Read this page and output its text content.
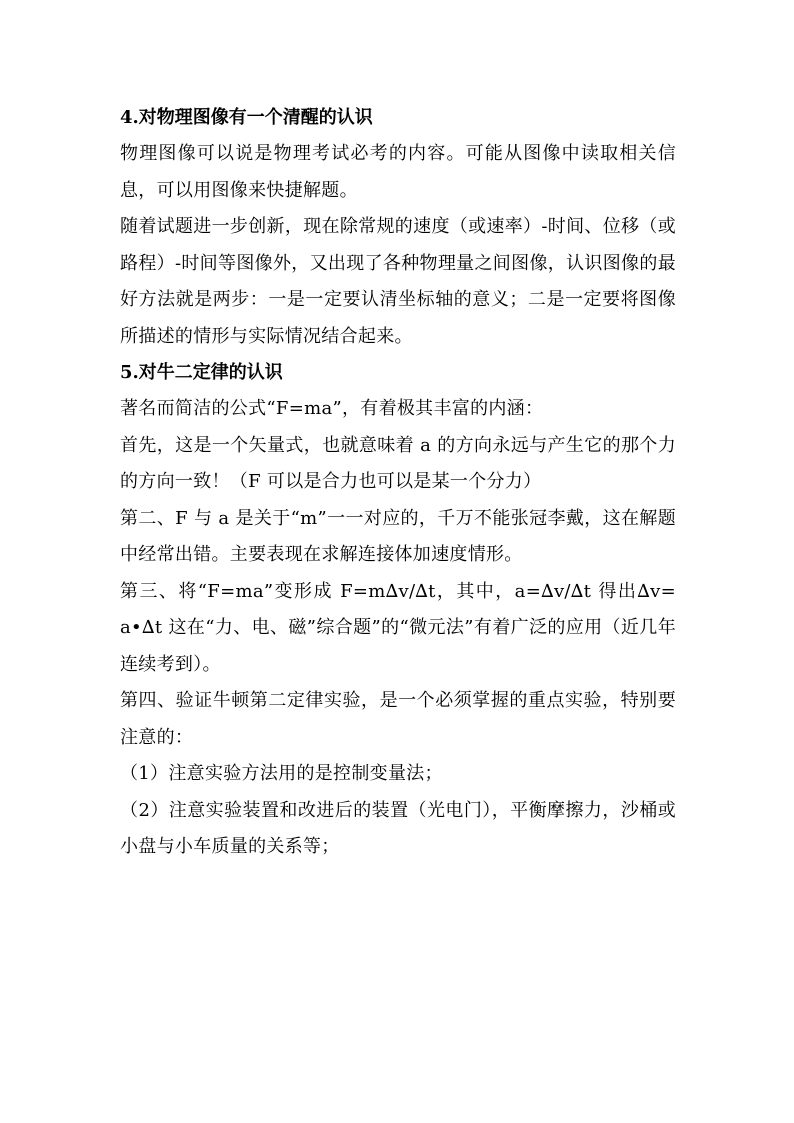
4.对物理图像有一个清醒的认识

物理图像可以说是物理考试必考的内容。可能从图像中读取相关信息，可以用图像来快捷解题。

随着试题进一步创新，现在除常规的速度（或速率）-时间、位移（或路程）-时间等图像外，又出现了各种物理量之间图像，认识图像的最好方法就是两步：一是一定要认清坐标轴的意义；二是一定要将图像所描述的情形与实际情况结合起来。

5.对牛二定律的认识

著名而简洁的公式“F=ma”，有着极其丰富的内涵：

首先，这是一个矢量式，也就意味着 a 的方向永远与产生它的那个力的方向一致！（F 可以是合力也可以是某一个分力）

第二、F 与 a 是关于“m”一一对应的，千万不能张冠李戴，这在解题中经常出错。主要表现在求解连接体加速度情形。

第三、将“F=ma”变形成 F=m∆v/∆t，其中，a=∆v/∆t 得出∆v= a•∆t 这在“力、电、磁”综合题”的“微元法”有着广泛的应用（近几年连续考到）。

第四、验证牛顿第二定律实验，是一个必须掌握的重点实验，特别要注意的：

（1）注意实验方法用的是控制变量法；

（2）注意实验装置和改进后的装置（光电门），平衡摩擦力，沙桶或小盘与小车质量的关系等；
